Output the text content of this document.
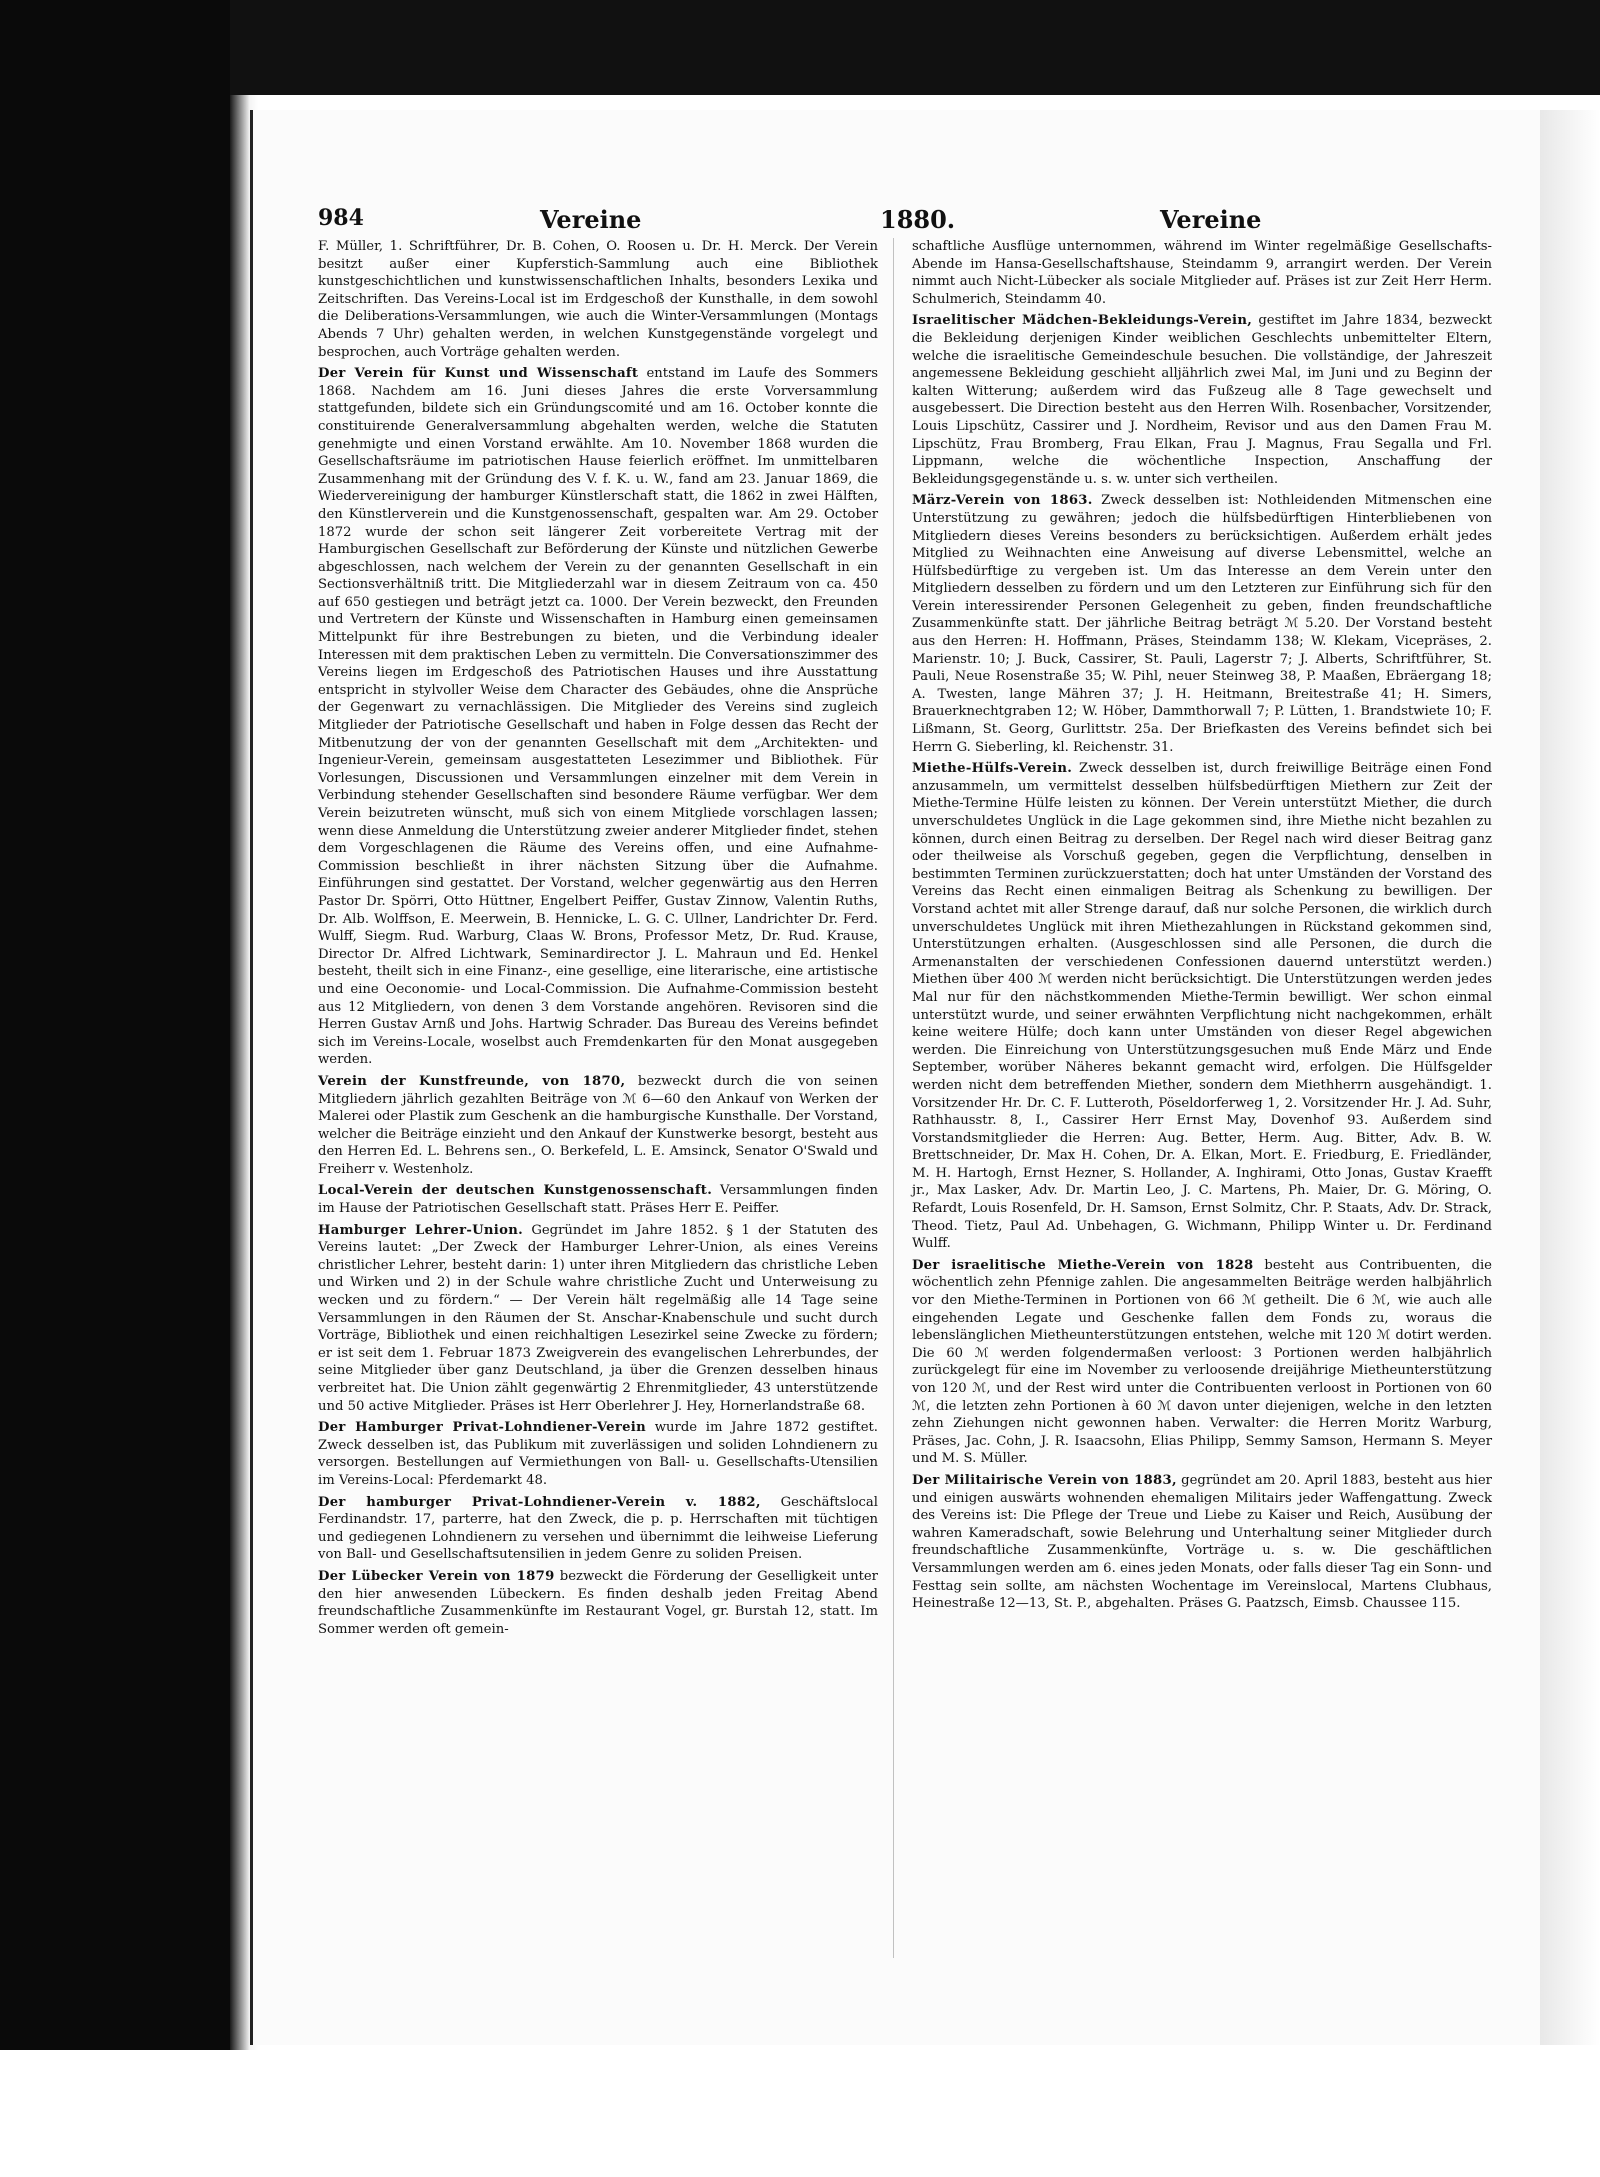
984	Vereine	1880.	Vereine

F. Müller, 1. Schriftführer, Dr. B. Cohen, O. Roosen u. Dr. H. Merck. Der Verein besitzt außer einer Kupferstich-Sammlung auch eine Bibliothek kunstgeschichtlichen und kunstwissenschaftlichen Inhalts, besonders Lexika und Zeitschriften. Das Vereins-Local ist im Erdgeschoß der Kunsthalle, in dem sowohl die Deliberations-Versammlungen, wie auch die Winter-Versammlungen (Montags Abends 7 Uhr) gehalten werden, in welchen Kunstgegenstände vorgelegt und besprochen, auch Vorträge gehalten werden.

Der Verein für Kunst und Wissenschaft entstand im Laufe des Sommers 1868. Nachdem am 16. Juni dieses Jahres die erste Vorversammlung stattgefunden, bildete sich ein Gründungscomité und am 16. October konnte die constituirende Generalversammlung abgehalten werden, welche die Statuten genehmigte und einen Vorstand erwählte. Am 10. November 1868 wurden die Gesellschaftsräume im patriotischen Hause feierlich eröffnet. Im unmittelbaren Zusammenhang mit der Gründung des V. f. K. u. W., fand am 23. Januar 1869, die Wiedervereinigung der hamburger Künstlerschaft statt, die 1862 in zwei Hälften, den Künstlerverein und die Kunstgenossenschaft, gespalten war. Am 29. October 1872 wurde der schon seit längerer Zeit vorbereitete Vertrag mit der Hamburgischen Gesellschaft zur Beförderung der Künste und nützlichen Gewerbe abgeschlossen, nach welchem der Verein zu der genannten Gesellschaft in ein Sectionsverhältniß tritt. Die Mitgliederzahl war in diesem Zeitraum von ca. 450 auf 650 gestiegen und beträgt jetzt ca. 1000. Der Verein bezweckt, den Freunden und Vertretern der Künste und Wissenschaften in Hamburg einen gemeinsamen Mittelpunkt für ihre Bestrebungen zu bieten, und die Verbindung idealer Interessen mit dem praktischen Leben zu vermitteln. Die Conversationszimmer des Vereins liegen im Erdgeschoß des Patriotischen Hauses und ihre Ausstattung entspricht in stylvoller Weise dem Character des Gebäudes, ohne die Ansprüche der Gegenwart zu vernachlässigen. Die Mitglieder des Vereins sind zugleich Mitglieder der Patriotische Gesellschaft und haben in Folge dessen das Recht der Mitbenutzung der von der genannten Gesellschaft mit dem „Architekten- und Ingenieur-Verein, gemeinsam ausgestatteten Lesezimmer und Bibliothek. Für Vorlesungen, Discussionen und Versammlungen einzelner mit dem Verein in Verbindung stehender Gesellschaften sind besondere Räume verfügbar. Wer dem Verein beizutreten wünscht, muß sich von einem Mitgliede vorschlagen lassen; wenn diese Anmeldung die Unterstützung zweier anderer Mitglieder findet, stehen dem Vorgeschlagenen die Räume des Vereins offen, und eine Aufnahme-Commission beschließt in ihrer nächsten Sitzung über die Aufnahme. Einführungen sind gestattet. Der Vorstand, welcher gegenwärtig aus den Herren Pastor Dr. Spörri, Otto Hüttner, Engelbert Peiffer, Gustav Zinnow, Valentin Ruths, Dr. Alb. Wolffson, E. Meerwein, B. Hennicke, L. G. C. Ullner, Landrichter Dr. Ferd. Wulff, Siegm. Rud. Warburg, Claas W. Brons, Professor Metz, Dr. Rud. Krause, Director Dr. Alfred Lichtwark, Seminardirector J. L. Mahraun und Ed. Henkel besteht, theilt sich in eine Finanz-, eine gesellige, eine literarische, eine artistische und eine Oeconomie- und Local-Commission. Die Aufnahme-Commission besteht aus 12 Mitgliedern, von denen 3 dem Vorstande angehören. Revisoren sind die Herren Gustav Arnß und Johs. Hartwig Schrader. Das Bureau des Vereins befindet sich im Vereins-Locale, woselbst auch Fremdenkarten für den Monat ausgegeben werden.

Verein der Kunstfreunde, von 1870, bezweckt durch die von seinen Mitgliedern jährlich gezahlten Beiträge von ℳ 6—60 den Ankauf von Werken der Malerei oder Plastik zum Geschenk an die hamburgische Kunsthalle. Der Vorstand, welcher die Beiträge einzieht und den Ankauf der Kunstwerke besorgt, besteht aus den Herren Ed. L. Behrens sen., O. Berkefeld, L. E. Amsinck, Senator O'Swald und Freiherr v. Westenholz.

Local-Verein der deutschen Kunstgenossenschaft. Versammlungen finden im Hause der Patriotischen Gesellschaft statt. Präses Herr E. Peiffer.

Hamburger Lehrer-Union. Gegründet im Jahre 1852. § 1 der Statuten des Vereins lautet: „Der Zweck der Hamburger Lehrer-Union, als eines Vereins christlicher Lehrer, besteht darin: 1) unter ihren Mitgliedern das christliche Leben und Wirken und 2) in der Schule wahre christliche Zucht und Unterweisung zu wecken und zu fördern.“ — Der Verein hält regelmäßig alle 14 Tage seine Versammlungen in den Räumen der St. Anschar-Knabenschule und sucht durch Vorträge, Bibliothek und einen reichhaltigen Lesezirkel seine Zwecke zu fördern; er ist seit dem 1. Februar 1873 Zweigverein des evangelischen Lehrerbundes, der seine Mitglieder über ganz Deutschland, ja über die Grenzen desselben hinaus verbreitet hat. Die Union zählt gegenwärtig 2 Ehrenmitglieder, 43 unterstützende und 50 active Mitglieder. Präses ist Herr Oberlehrer J. Hey, Hornerlandstraße 68.

Der Hamburger Privat-Lohndiener-Verein wurde im Jahre 1872 gestiftet. Zweck desselben ist, das Publikum mit zuverlässigen und soliden Lohndienern zu versorgen. Bestellungen auf Vermiethungen von Ball- u. Gesellschafts-Utensilien im Vereins-Local: Pferdemarkt 48.

Der hamburger Privat-Lohndiener-Verein v. 1882, Geschäftslocal Ferdinandstr. 17, parterre, hat den Zweck, die p. p. Herrschaften mit tüchtigen und gediegenen Lohndienern zu versehen und übernimmt die leihweise Lieferung von Ball- und Gesellschaftsutensilien in jedem Genre zu soliden Preisen.

Der Lübecker Verein von 1879 bezweckt die Förderung der Geselligkeit unter den hier anwesenden Lübeckern. Es finden deshalb jeden Freitag Abend freundschaftliche Zusammenkünfte im Restaurant Vogel, gr. Burstah 12, statt. Im Sommer werden oft gemein-

schaftliche Ausflüge unternommen, während im Winter regelmäßige Gesellschafts-Abende im Hansa-Gesellschaftshause, Steindamm 9, arrangirt werden. Der Verein nimmt auch Nicht-Lübecker als sociale Mitglieder auf. Präses ist zur Zeit Herr Herm. Schulmerich, Steindamm 40.

Israelitischer Mädchen-Bekleidungs-Verein, gestiftet im Jahre 1834, bezweckt die Bekleidung derjenigen Kinder weiblichen Geschlechts unbemittelter Eltern, welche die israelitische Gemeindeschule besuchen. Die vollständige, der Jahreszeit angemessene Bekleidung geschieht alljährlich zwei Mal, im Juni und zu Beginn der kalten Witterung; außerdem wird das Fußzeug alle 8 Tage gewechselt und ausgebessert. Die Direction besteht aus den Herren Wilh. Rosenbacher, Vorsitzender, Louis Lipschütz, Cassirer und J. Nordheim, Revisor und aus den Damen Frau M. Lipschütz, Frau Bromberg, Frau Elkan, Frau J. Magnus, Frau Segalla und Frl. Lippmann, welche die wöchentliche Inspection, Anschaffung der Bekleidungsgegenstände u. s. w. unter sich vertheilen.

März-Verein von 1863. Zweck desselben ist: Nothleidenden Mitmenschen eine Unterstützung zu gewähren; jedoch die hülfsbedürftigen Hinterbliebenen von Mitgliedern dieses Vereins besonders zu berücksichtigen. Außerdem erhält jedes Mitglied zu Weihnachten eine Anweisung auf diverse Lebensmittel, welche an Hülfsbedürftige zu vergeben ist. Um das Interesse an dem Verein unter den Mitgliedern desselben zu fördern und um den Letzteren zur Einführung sich für den Verein interessirender Personen Gelegenheit zu geben, finden freundschaftliche Zusammenkünfte statt. Der jährliche Beitrag beträgt ℳ 5.20. Der Vorstand besteht aus den Herren: H. Hoffmann, Präses, Steindamm 138; W. Klekam, Vicepräses, 2. Marienstr. 10; J. Buck, Cassirer, St. Pauli, Lagerstr 7; J. Alberts, Schriftführer, St. Pauli, Neue Rosenstraße 35; W. Pihl, neuer Steinweg 38, P. Maaßen, Ebräergang 18; A. Twesten, lange Mähren 37; J. H. Heitmann, Breitestraße 41; H. Simers, Brauerknechtgraben 12; W. Höber, Dammthorwall 7; P. Lütten, 1. Brandstwiete 10; F. Lißmann, St. Georg, Gurlittstr. 25a. Der Briefkasten des Vereins befindet sich bei Herrn G. Sieberling, kl. Reichenstr. 31.

Miethe-Hülfs-Verein. Zweck desselben ist, durch freiwillige Beiträge einen Fond anzusammeln, um vermittelst desselben hülfsbedürftigen Miethern zur Zeit der Miethe-Termine Hülfe leisten zu können. Der Verein unterstützt Miether, die durch unverschuldetes Unglück in die Lage gekommen sind, ihre Miethe nicht bezahlen zu können, durch einen Beitrag zu derselben. Der Regel nach wird dieser Beitrag ganz oder theilweise als Vorschuß gegeben, gegen die Verpflichtung, denselben in bestimmten Terminen zurückzuerstatten; doch hat unter Umständen der Vorstand des Vereins das Recht einen einmaligen Beitrag als Schenkung zu bewilligen. Der Vorstand achtet mit aller Strenge darauf, daß nur solche Personen, die wirklich durch unverschuldetes Unglück mit ihren Miethezahlungen in Rückstand gekommen sind, Unterstützungen erhalten. (Ausgeschlossen sind alle Personen, die durch die Armenanstalten der verschiedenen Confessionen dauernd unterstützt werden.) Miethen über 400 ℳ werden nicht berücksichtigt. Die Unterstützungen werden jedes Mal nur für den nächstkommenden Miethe-Termin bewilligt. Wer schon einmal unterstützt wurde, und seiner erwähnten Verpflichtung nicht nachgekommen, erhält keine weitere Hülfe; doch kann unter Umständen von dieser Regel abgewichen werden. Die Einreichung von Unterstützungsgesuchen muß Ende März und Ende September, worüber Näheres bekannt gemacht wird, erfolgen. Die Hülfsgelder werden nicht dem betreffenden Miether, sondern dem Miethherrn ausgehändigt. 1. Vorsitzender Hr. Dr. C. F. Lutteroth, Pöseldorferweg 1, 2. Vorsitzender Hr. J. Ad. Suhr, Rathhausstr. 8, I., Cassirer Herr Ernst May, Dovenhof 93. Außerdem sind Vorstandsmitglieder die Herren: Aug. Better, Herm. Aug. Bitter, Adv. B. W. Brettschneider, Dr. Max H. Cohen, Dr. A. Elkan, Mort. E. Friedburg, E. Friedländer, M. H. Hartogh, Ernst Hezner, S. Hollander, A. Inghirami, Otto Jonas, Gustav Kraefft jr., Max Lasker, Adv. Dr. Martin Leo, J. C. Martens, Ph. Maier, Dr. G. Möring, O. Refardt, Louis Rosenfeld, Dr. H. Samson, Ernst Solmitz, Chr. P. Staats, Adv. Dr. Strack, Theod. Tietz, Paul Ad. Unbehagen, G. Wichmann, Philipp Winter u. Dr. Ferdinand Wulff.

Der israelitische Miethe-Verein von 1828 besteht aus Contribuenten, die wöchentlich zehn Pfennige zahlen. Die angesammelten Beiträge werden halbjährlich vor den Miethe-Terminen in Portionen von 66 ℳ getheilt. Die 6 ℳ, wie auch alle eingehenden Legate und Geschenke fallen dem Fonds zu, woraus die lebenslänglichen Mietheunterstützungen entstehen, welche mit 120 ℳ dotirt werden. Die 60 ℳ werden folgendermaßen verloost: 3 Portionen werden halbjährlich zurückgelegt für eine im November zu verloosende dreijährige Mietheunterstützung von 120 ℳ, und der Rest wird unter die Contribuenten verloost in Portionen von 60 ℳ, die letzten zehn Portionen à 60 ℳ davon unter diejenigen, welche in den letzten zehn Ziehungen nicht gewonnen haben. Verwalter: die Herren Moritz Warburg, Präses, Jac. Cohn, J. R. Isaacsohn, Elias Philipp, Semmy Samson, Hermann S. Meyer und M. S. Müller.

Der Militairische Verein von 1883, gegründet am 20. April 1883, besteht aus hier und einigen auswärts wohnenden ehemaligen Militairs jeder Waffengattung. Zweck des Vereins ist: Die Pflege der Treue und Liebe zu Kaiser und Reich, Ausübung der wahren Kameradschaft, sowie Belehrung und Unterhaltung seiner Mitglieder durch freundschaftliche Zusammenkünfte, Vorträge u. s. w. Die geschäftlichen Versammlungen werden am 6. eines jeden Monats, oder falls dieser Tag ein Sonn- und Festtag sein sollte, am nächsten Wochentage im Vereinslocal, Martens Clubhaus, Heinestraße 12—13, St. P., abgehalten. Präses G. Paatzsch, Eimsb. Chaussee 115.
